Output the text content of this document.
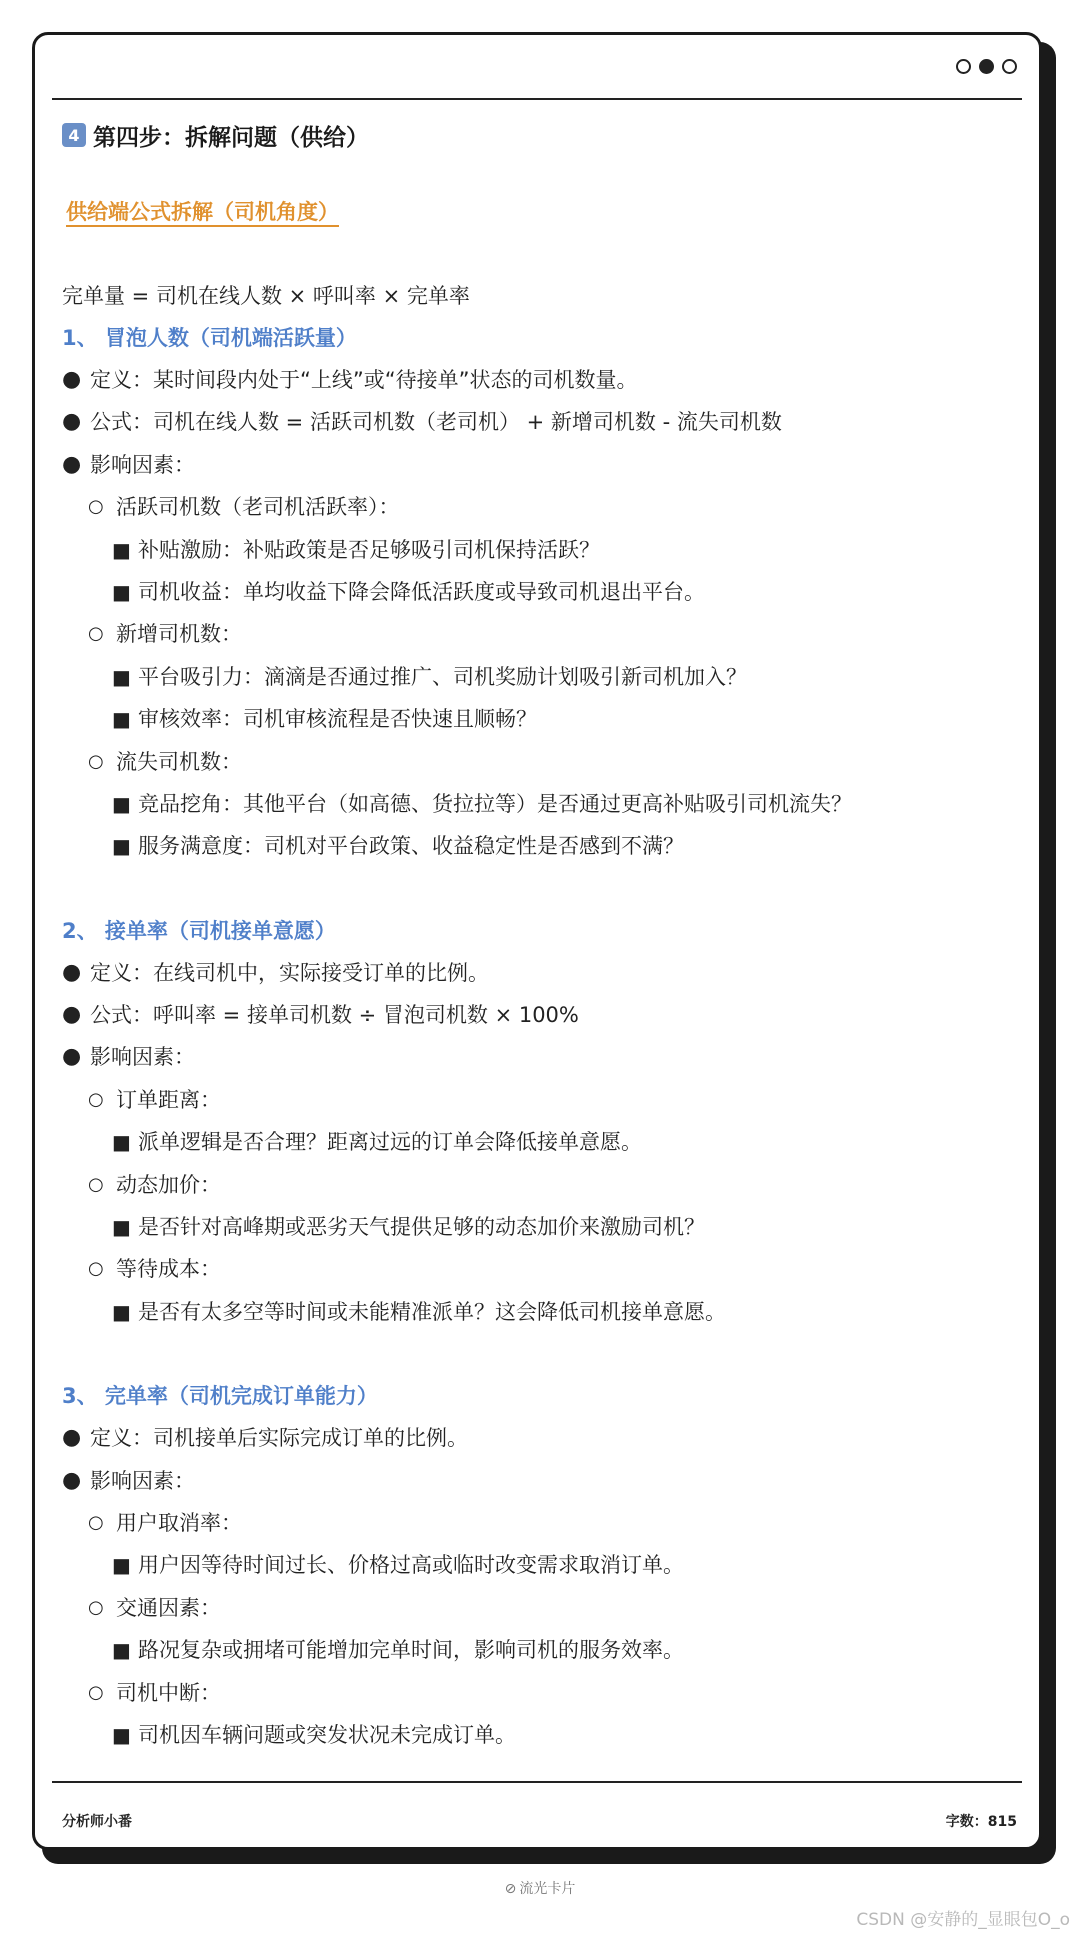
4 第四步：拆解问题（供给）
供给端公式拆解（司机角度）
完单量 = 司机在线人数 × 呼叫率 × 完单率
1、 冒泡人数（司机端活跃量）
● 定义：某时间段内处于“上线”或“待接单”状态的司机数量。
● 公式：司机在线人数 = 活跃司机数（老司机） + 新增司机数 - 流失司机数
● 影响因素：
○ 活跃司机数（老司机活跃率）：
■ 补贴激励：补贴政策是否足够吸引司机保持活跃？
■ 司机收益：单均收益下降会降低活跃度或导致司机退出平台。
○ 新增司机数：
■ 平台吸引力：滴滴是否通过推广、司机奖励计划吸引新司机加入？
■ 审核效率：司机审核流程是否快速且顺畅？
○ 流失司机数：
■ 竞品挖角：其他平台（如高德、货拉拉等）是否通过更高补贴吸引司机流失？
■ 服务满意度：司机对平台政策、收益稳定性是否感到不满？
2、 接单率（司机接单意愿）
● 定义：在线司机中，实际接受订单的比例。
● 公式：呼叫率 = 接单司机数 ÷ 冒泡司机数 × 100%
● 影响因素：
○ 订单距离：
■ 派单逻辑是否合理？距离过远的订单会降低接单意愿。
○ 动态加价：
■ 是否针对高峰期或恶劣天气提供足够的动态加价来激励司机？
○ 等待成本：
■ 是否有太多空等时间或未能精准派单？这会降低司机接单意愿。
3、 完单率（司机完成订单能力）
● 定义：司机接单后实际完成订单的比例。
● 影响因素：
○ 用户取消率：
■ 用户因等待时间过长、价格过高或临时改变需求取消订单。
○ 交通因素：
■ 路况复杂或拥堵可能增加完单时间，影响司机的服务效率。
○ 司机中断：
■ 司机因车辆问题或突发状况未完成订单。
分析师小番	字数：815
⊘ 流光卡片
CSDN @安静的_显眼包O_o
